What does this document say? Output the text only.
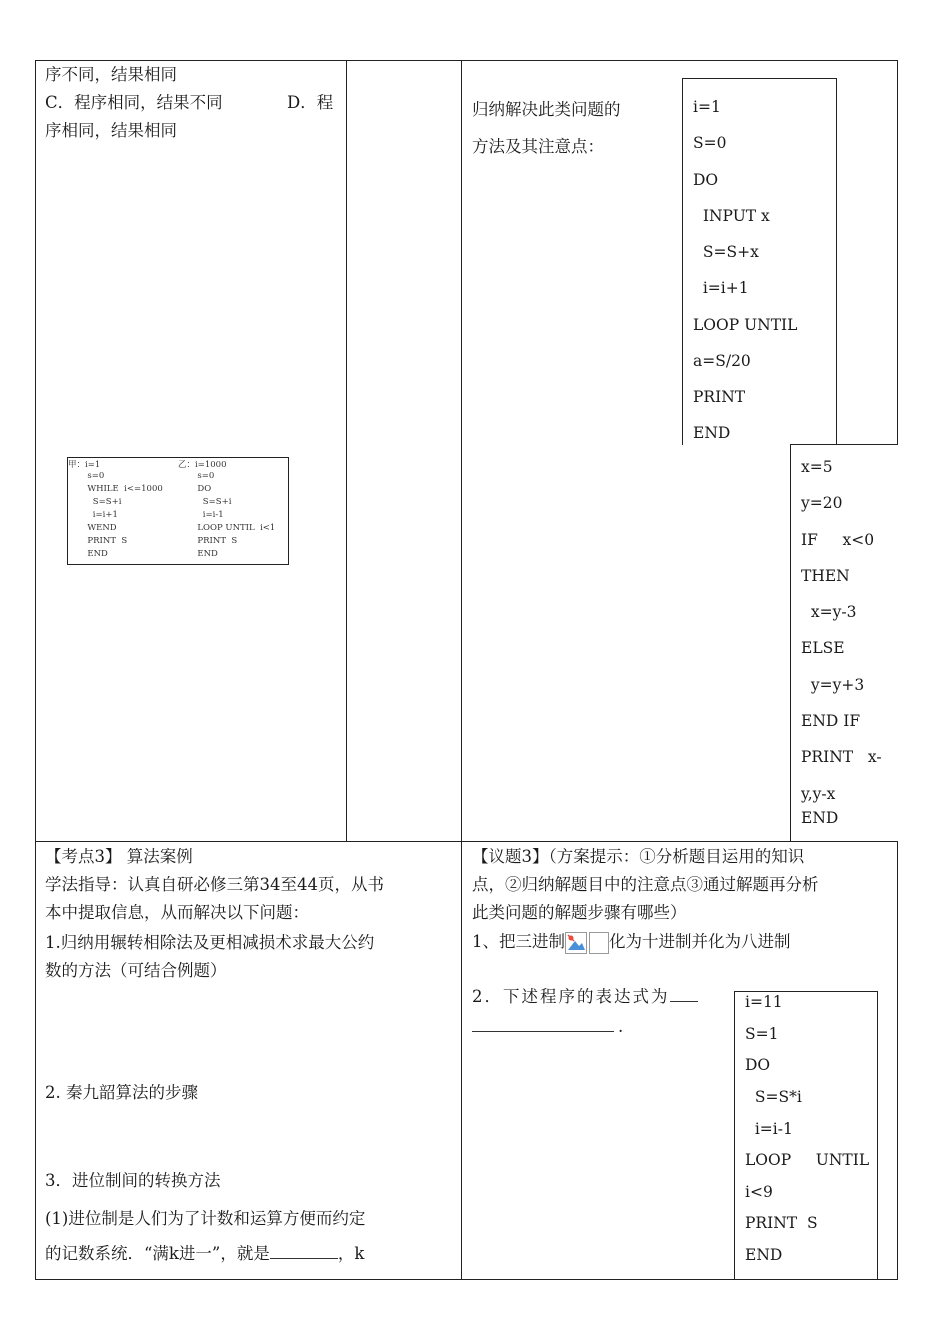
序不同，结果相同
C．程序相同，结果不同	D．程
序相同，结果相同
甲：i=1
s=0
WHILE  i<=1000
S=S+i
i=i+1
WEND
PRINT  S
END
乙：i=1000
s=0
DO
S=S+i
i=i-1
LOOP UNTIL  i<1
PRINT  S
END
归纳解决此类问题的
方法及其注意点：
i=1
S=0
DO
INPUT x
S=S+x
i=i+1
LOOP UNTIL
a=S/20
PRINT
END
x=5
y=20
IF     x<0
THEN
x=y-3
ELSE
y=y+3
END IF
PRINT   x-
y,y-x
END
【考点3】 算法案例
学法指导：认真自研必修三第34至44页，从书
本中提取信息，从而解决以下问题：
1.归纳用辗转相除法及更相减损术求最大公约
数的方法（可结合例题）
2. 秦九韶算法的步骤
3．进位制间的转换方法
(1)进位制是人们为了计数和运算方便而约定
的记数系统．“满k进一”，就是	，k
【议题3】（方案提示：①分析题目运用的知识
点，②归纳解题目中的注意点③通过解题再分析
此类问题的解题步骤有哪些）
1、把三进制	化为十进制并化为八进制
2．下述程序的表达式为
.
i=11
S=1
DO
S=S*i
i=i-1
LOOP     UNTIL
i<9
PRINT  S
END
